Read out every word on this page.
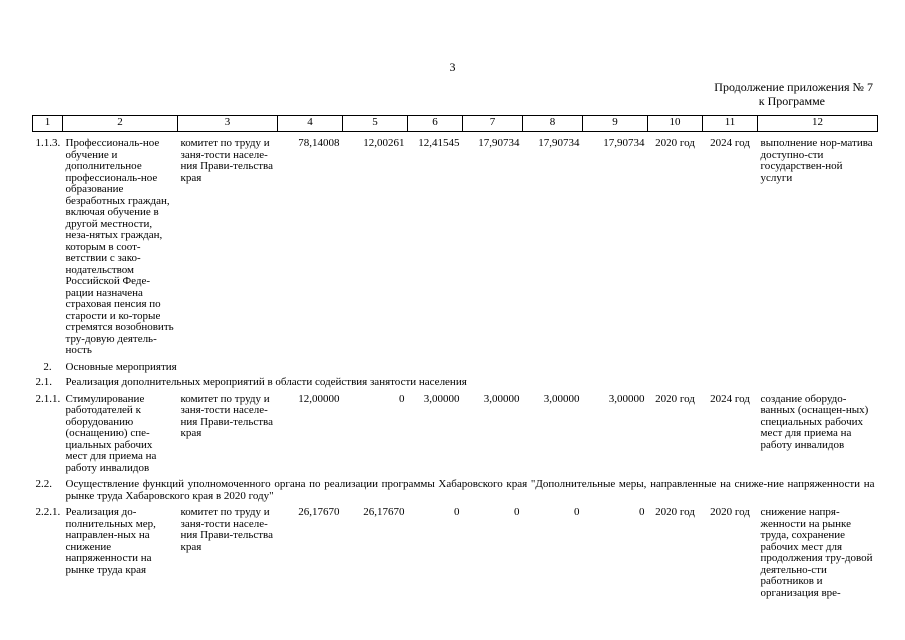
3
Продолжение приложения № 7
к Программе
1	2	3	4	5	6	7	8	9	10	11	12
1.1.3.	Профессиональ-ное обучение и дополнительное профессиональ-ное образование безработных граждан, включая обучение в другой местности, неза-нятых граждан, которым в соот-ветствии с зако-нодательством Российской Феде-рации назначена страховая пенсия по старости и ко-торые стремятся возобновить тру-довую деятель-ность	комитет по труду и заня-тости населе-ния Прави-тельства края	78,14008	12,00261	12,41545	17,90734	17,90734	17,90734	2020 год	2024 год	выполнение нор-матива доступно-сти государствен-ной услуги
2.	Основные мероприятия										
2.1.	Реализация дополнительных мероприятий в области содействия занятости населения										
2.1.1.	Стимулирование работодателей к оборудованию (оснащению) спе-циальных рабочих мест для приема на работу инвалидов	комитет по труду и заня-тости населе-ния Прави-тельства края	12,00000	0	3,00000	3,00000	3,00000	3,00000	2020 год	2024 год	создание оборудо-ванных (оснащен-ных) специальных рабочих мест для приема на работу инвалидов
2.2.	Осуществление функций уполномоченного органа по реализации программы Хабаровского края "Дополнительные меры, направленные на сниже-ние напряженности на рынке труда Хабаровского края в 2020 году"										
2.2.1.	Реализация до-полнительных мер, направлен-ных на снижение напряженности на рынке труда края	комитет по труду и заня-тости населе-ния Прави-тельства края	26,17670	26,17670	0	0	0	0	2020 год	2020 год	снижение напря-женности на рынке труда, сохранение рабочих мест для продолжения тру-довой деятельно-сти работников и организация вре-
